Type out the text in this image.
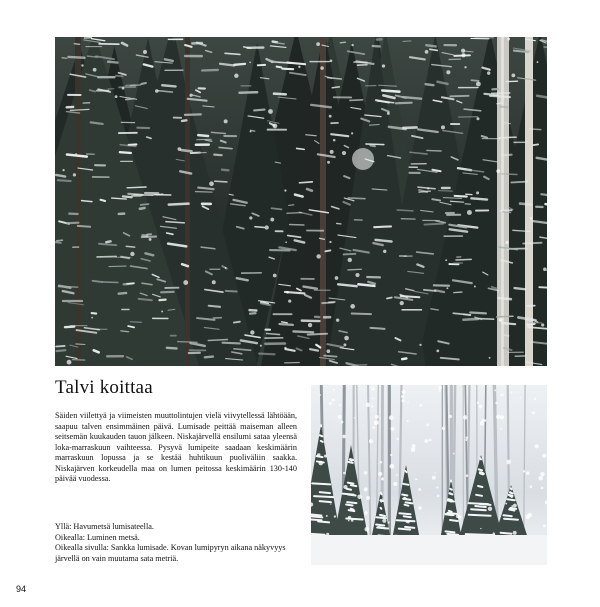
Talvi koittaa

Säiden viilettyä ja viimeisten muuttolintujen vielä viivytellessä lähtöään, saapuu talven ensimmäinen päivä. Lumisade peittää maiseman alleen seitsemän kuukauden tauon jälkeen. Niskajärvellä ensilumi sataa yleensä loka-marraskuun vaihteessa. Pysyvä lumipeite saadaan keskimäärin marraskuun lopussa ja se kestää huhtikuun puoliväliin saakka. Niskajärven korkeudella maa on lumen peitossa keskimäärin 130-140 päivää vuodessa.

Yllä: Havumetsä lumisateella.

Oikealla: Luminen metsä.

Oikealla sivulla: Sankka lumisade. Kovan lumipyryn aikana näkyvyys järvellä on vain muutama sata metriä.

94
